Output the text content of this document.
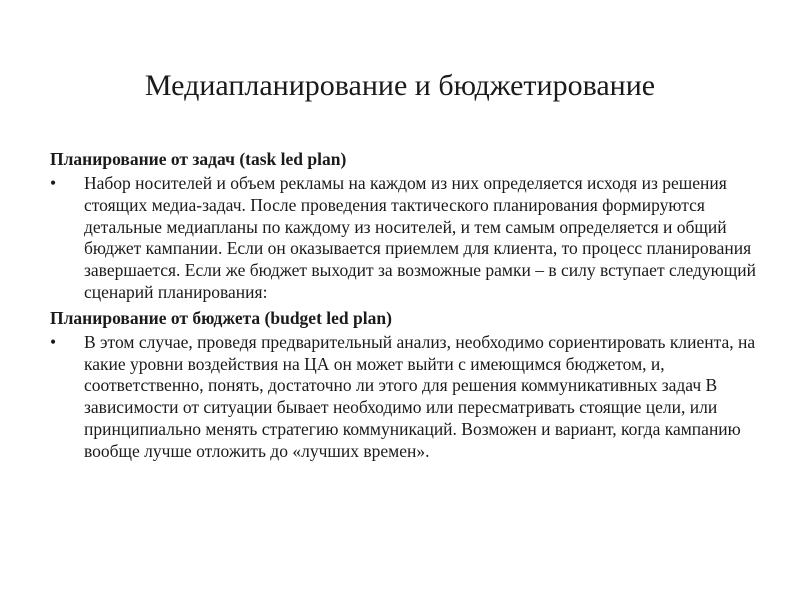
Медиапланирование и бюджетирование

Планирование от задач (task led plan)

•	Набор носителей и объем рекламы на каждом из них определяется исходя из решения стоящих медиа-задач. После проведения тактического планирования формируются детальные медиапланы по каждому из носителей, и тем самым определяется и общий бюджет кампании. Если он оказывается приемлем для клиента, то процесс планирования завершается. Если же бюджет выходит за возможные рамки – в силу вступает следующий сценарий планирования:

Планирование от бюджета (budget led plan)

•	В этом случае, проведя предварительный анализ, необходимо сориентировать клиента, на какие уровни воздействия на ЦА он может выйти с имеющимся бюджетом, и, соответственно, понять, достаточно ли этого для решения коммуникативных задач В зависимости от ситуации бывает необходимо или пересматривать стоящие цели, или принципиально менять стратегию коммуникаций. Возможен и вариант, когда кампанию вообще лучше отложить до «лучших времен».
